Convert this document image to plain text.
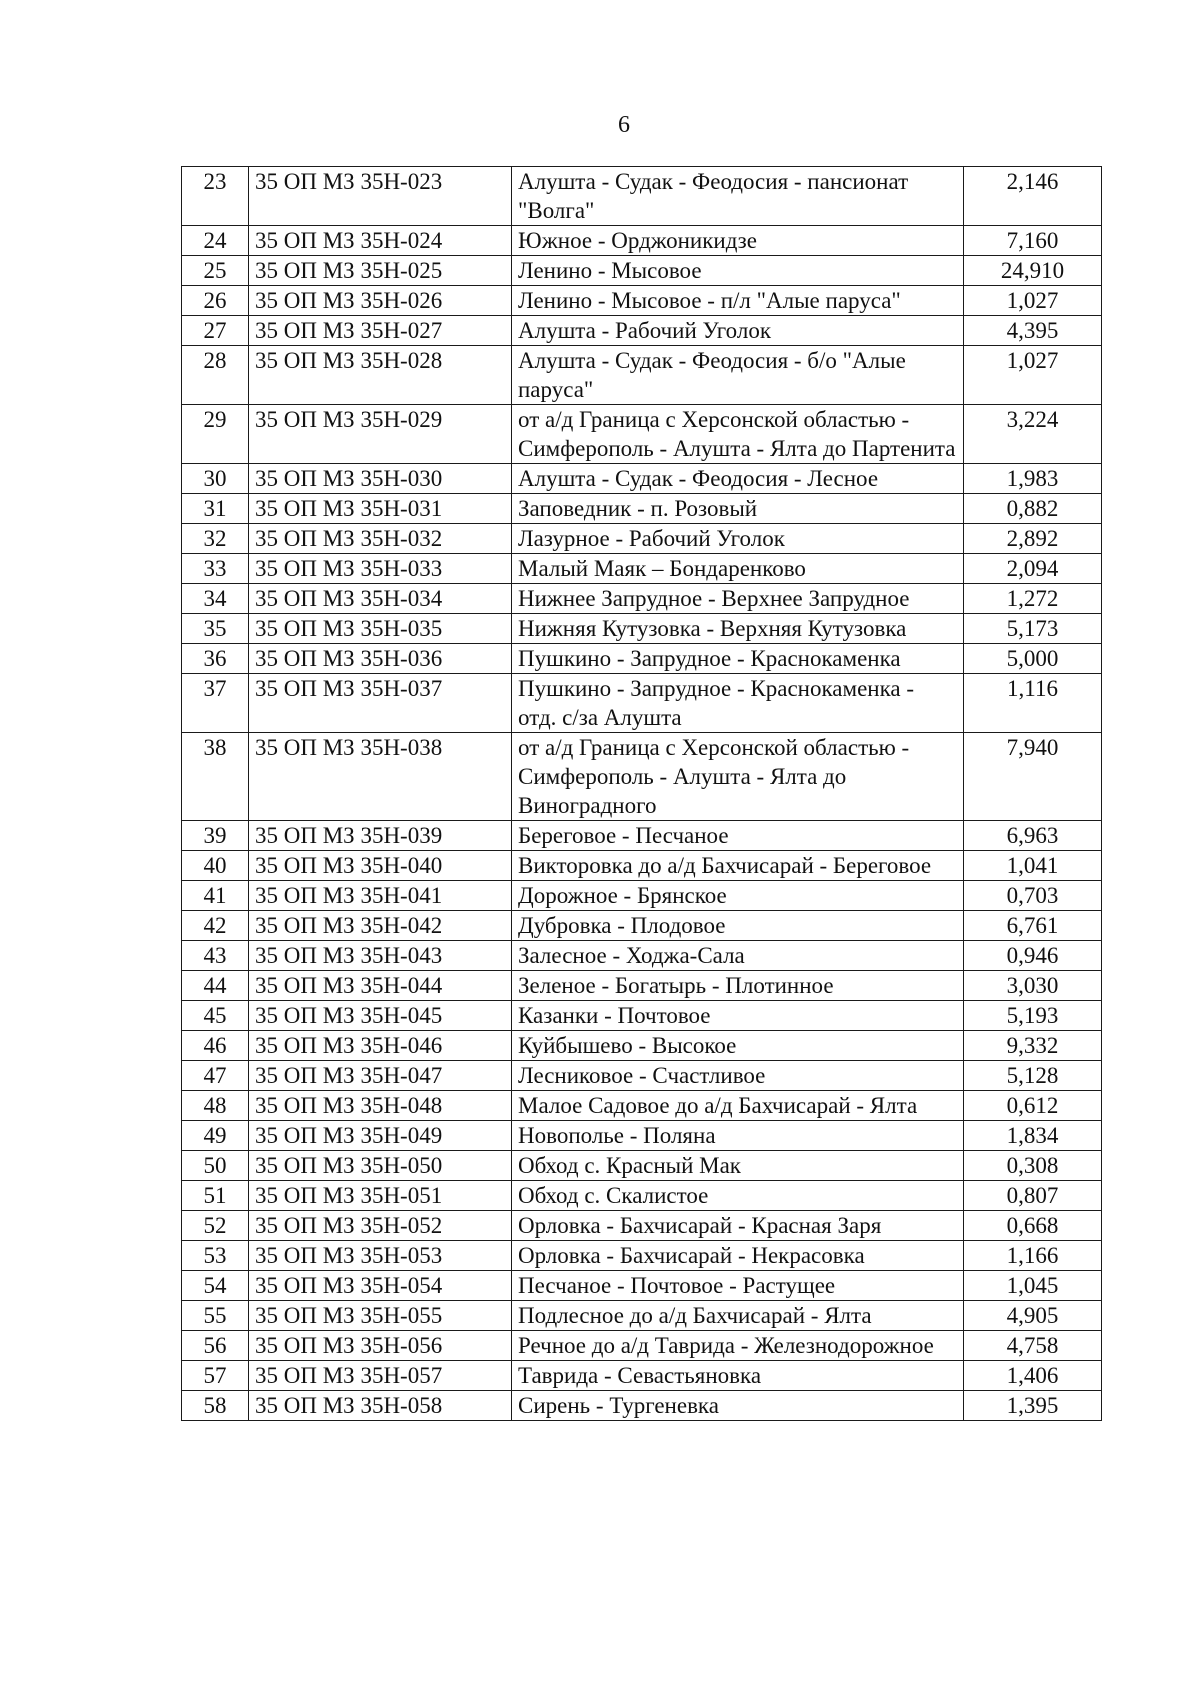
6
23	35 ОП МЗ 35Н-023	Алушта - Судак - Феодосия - пансионат "Волга"	2,146
24	35 ОП МЗ 35Н-024	Южное - Орджоникидзе	7,160
25	35 ОП МЗ 35Н-025	Ленино - Мысовое	24,910
26	35 ОП МЗ 35Н-026	Ленино - Мысовое - п/л "Алые паруса"	1,027
27	35 ОП МЗ 35Н-027	Алушта - Рабочий Уголок	4,395
28	35 ОП МЗ 35Н-028	Алушта - Судак - Феодосия - б/о "Алые паруса"	1,027
29	35 ОП МЗ 35Н-029	от а/д Граница с Херсонской областью - Симферополь - Алушта - Ялта до Партенита	3,224
30	35 ОП МЗ 35Н-030	Алушта - Судак - Феодосия - Лесное	1,983
31	35 ОП МЗ 35Н-031	Заповедник - п. Розовый	0,882
32	35 ОП МЗ 35Н-032	Лазурное - Рабочий Уголок	2,892
33	35 ОП МЗ 35Н-033	Малый Маяк – Бондаренково	2,094
34	35 ОП МЗ 35Н-034	Нижнее Запрудное - Верхнее Запрудное	1,272
35	35 ОП МЗ 35Н-035	Нижняя Кутузовка - Верхняя Кутузовка	5,173
36	35 ОП МЗ 35Н-036	Пушкино - Запрудное - Краснокаменка	5,000
37	35 ОП МЗ 35Н-037	Пушкино - Запрудное - Краснокаменка - отд. с/за Алушта	1,116
38	35 ОП МЗ 35Н-038	от а/д Граница с Херсонской областью - Симферополь - Алушта - Ялта до Виноградного	7,940
39	35 ОП МЗ 35Н-039	Береговое - Песчаное	6,963
40	35 ОП МЗ 35Н-040	Викторовка до а/д Бахчисарай - Береговое	1,041
41	35 ОП МЗ 35Н-041	Дорожное - Брянское	0,703
42	35 ОП МЗ 35Н-042	Дубровка - Плодовое	6,761
43	35 ОП МЗ 35Н-043	Залесное - Ходжа-Сала	0,946
44	35 ОП МЗ 35Н-044	Зеленое - Богатырь - Плотинное	3,030
45	35 ОП МЗ 35Н-045	Казанки - Почтовое	5,193
46	35 ОП МЗ 35Н-046	Куйбышево - Высокое	9,332
47	35 ОП МЗ 35Н-047	Лесниковое - Счастливое	5,128
48	35 ОП МЗ 35Н-048	Малое Садовое до а/д Бахчисарай - Ялта	0,612
49	35 ОП МЗ 35Н-049	Новополье - Поляна	1,834
50	35 ОП МЗ 35Н-050	Обход с. Красный Мак	0,308
51	35 ОП МЗ 35Н-051	Обход с. Скалистое	0,807
52	35 ОП МЗ 35Н-052	Орловка - Бахчисарай - Красная Заря	0,668
53	35 ОП МЗ 35Н-053	Орловка - Бахчисарай - Некрасовка	1,166
54	35 ОП МЗ 35Н-054	Песчаное - Почтовое - Растущее	1,045
55	35 ОП МЗ 35Н-055	Подлесное до а/д Бахчисарай - Ялта	4,905
56	35 ОП МЗ 35Н-056	Речное до а/д Таврида - Железнодорожное	4,758
57	35 ОП МЗ 35Н-057	Таврида - Севастьяновка	1,406
58	35 ОП МЗ 35Н-058	Сирень - Тургеневка	1,395
